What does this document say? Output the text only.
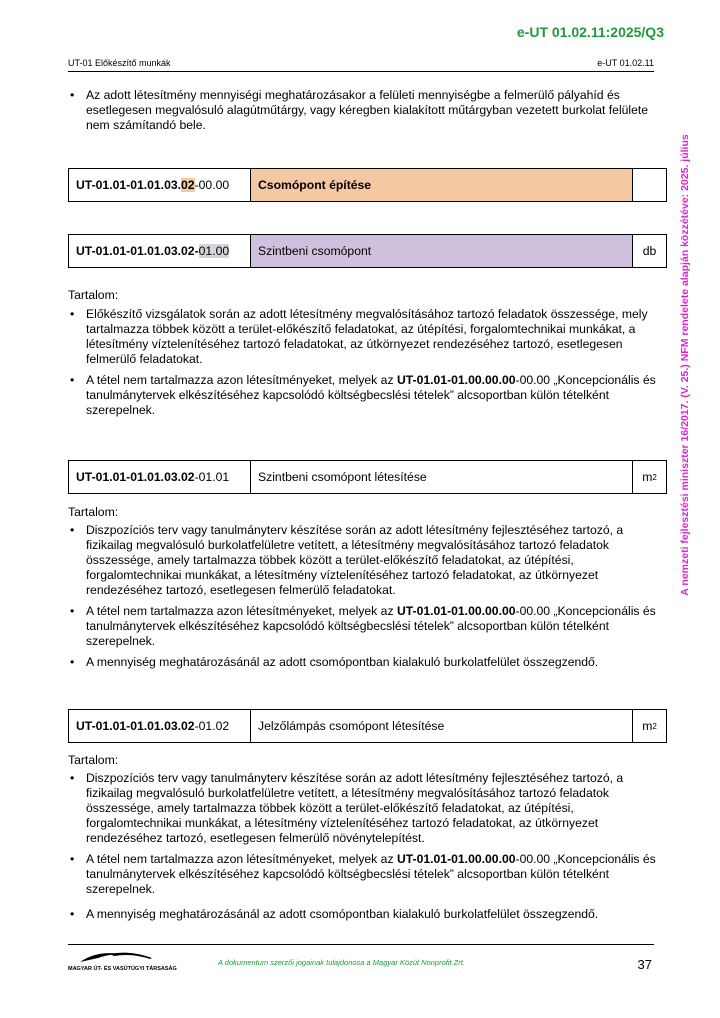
e-UT 01.02.11:2025/Q3
UT-01 Előkészítő munkák	e-UT 01.02.11
A nemzeti fejlesztési miniszter 16/2017. (V. 25.) NFM rendelete alapján közzétéve: 2025. július
• Az adott létesítmény mennyiségi meghatározásakor a felületi mennyiségbe a felmerülő pályahíd és esetlegesen megvalósuló alagútműtárgy, vagy kéregben kialakított műtárgyban vezetett burkolat felülete nem számítandó bele.
UT-01.01-01.01.03. 02 -00.00	Csomópont építése
UT-01.01-01.01.03.02- 01.00	Szintbeni csomópont	db
Tartalom:
• Előkészítő vizsgálatok során az adott létesítmény megvalósításához tartozó feladatok összessége, mely tartalmazza többek között a terület-előkészítő feladatokat, az útépítési, forgalomtechnikai munkákat, a létesítmény víztelenítéséhez tartozó feladatokat, az útkörnyezet rendezéséhez tartozó, esetlegesen felmerülő feladatokat.
• A tétel nem tartalmazza azon létesítményeket, melyek az UT-01.01-01.00.00.00-00.00 „Koncepcionális és tanulmánytervek elkészítéséhez kapcsolódó költségbecslési tételek” alcsoportban külön tételként szerepelnek.
UT-01.01-01.01.03.02 -01.01	Szintbeni csomópont létesítése	m 2
Tartalom:
• Diszpozíciós terv vagy tanulmányterv készítése során az adott létesítmény fejlesztéséhez tartozó, a fizikailag megvalósuló burkolatfelületre vetített, a létesítmény megvalósításához tartozó feladatok összessége, amely tartalmazza többek között a terület-előkészítő feladatokat, az útépítési, forgalomtechnikai munkákat, a létesítmény víztelenítéséhez tartozó feladatokat, az útkörnyezet rendezéséhez tartozó, esetlegesen felmerülő feladatokat.
• A tétel nem tartalmazza azon létesítményeket, melyek az UT-01.01-01.00.00.00-00.00 „Koncepcionális és tanulmánytervek elkészítéséhez kapcsolódó költségbecslési tételek” alcsoportban külön tételként szerepelnek.
• A mennyiség meghatározásánál az adott csomópontban kialakuló burkolatfelület összegzendő.
UT-01.01-01.01.03.02 -01.02	Jelzőlámpás csomópont létesítése	m 2
Tartalom:
• Diszpozíciós terv vagy tanulmányterv készítése során az adott létesítmény fejlesztéséhez tartozó, a fizikailag megvalósuló burkolatfelületre vetített, a létesítmény megvalósításához tartozó feladatok összessége, amely tartalmazza többek között a terület-előkészítő feladatokat, az útépítési, forgalomtechnikai munkákat, a létesítmény víztelenítéséhez tartozó feladatokat, az útkörnyezet rendezéséhez tartozó, esetlegesen felmerülő növénytelepítést.
• A tétel nem tartalmazza azon létesítményeket, melyek az UT-01.01-01.00.00.00-00.00 „Koncepcionális és tanulmánytervek elkészítéséhez kapcsolódó költségbecslési tételek” alcsoportban külön tételként szerepelnek.
• A mennyiség meghatározásánál az adott csomópontban kialakuló burkolatfelület összegzendő.
MAGYAR ÚT- ÉS VASÚTÜGYI TÁRSASÁG
A dokumentum szerzői jogainak tulajdonosa a Magyar Közút Nonprofit Zrt.	37
